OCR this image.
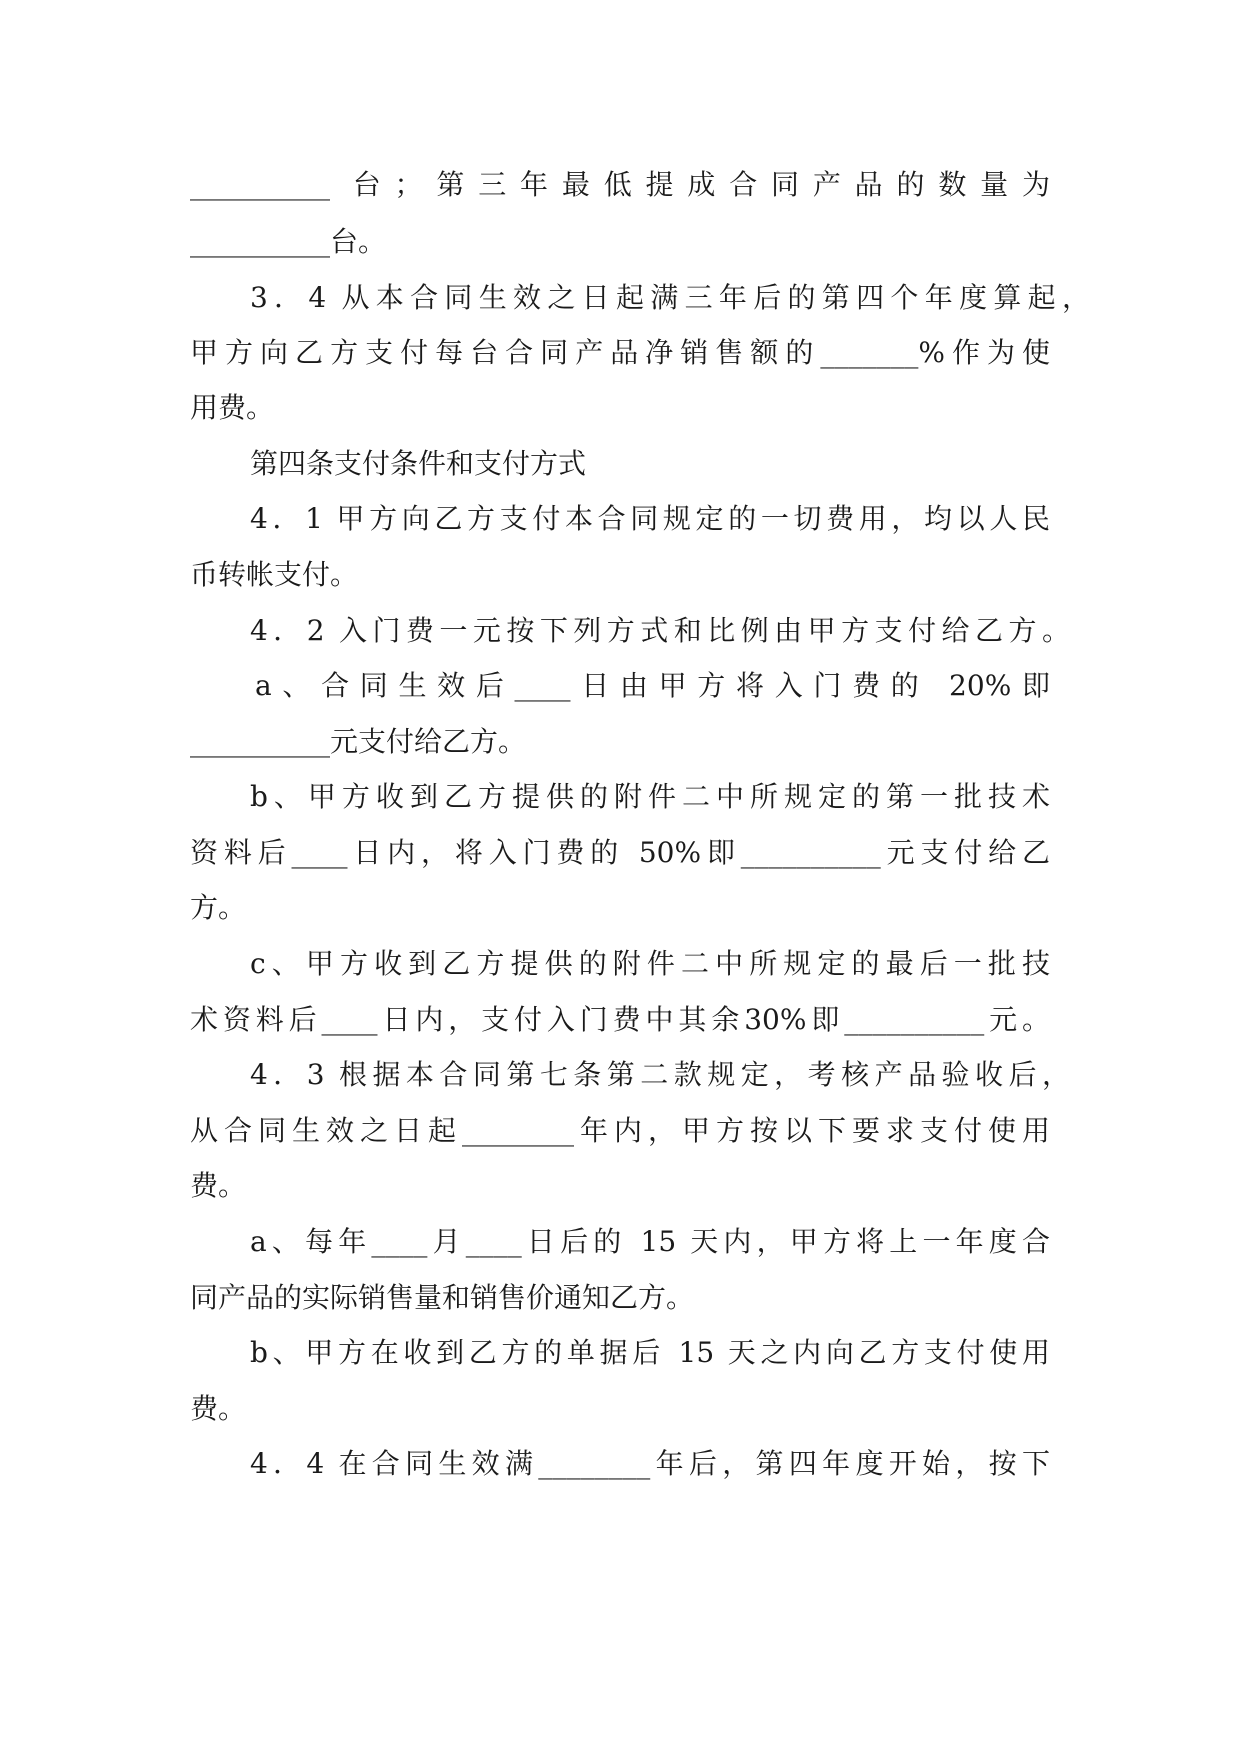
__________ 台；第三年最低提成合同产品的数量为

__________台。

3．4 从本合同生效之日起满三年后的第四个年度算起，

甲方向乙方支付每台合同产品净销售额的_______%作为使

用费。

第四条支付条件和支付方式

4．1 甲方向乙方支付本合同规定的一切费用，均以人民

币转帐支付。

4．2 入门费一元按下列方式和比例由甲方支付给乙方。

a、合同生效后____日由甲方将入门费的 20%即

__________元支付给乙方。

b、甲方收到乙方提供的附件二中所规定的第一批技术

资料后____日内，将入门费的 50%即__________元支付给乙

方。

c、甲方收到乙方提供的附件二中所规定的最后一批技

术资料后____日内，支付入门费中其余30%即__________元。

4．3 根据本合同第七条第二款规定，考核产品验收后，

从合同生效之日起________年内，甲方按以下要求支付使用

费。

a、每年____月____日后的 15 天内，甲方将上一年度合

同产品的实际销售量和销售价通知乙方。

b、甲方在收到乙方的单据后 15 天之内向乙方支付使用

费。

4．4 在合同生效满________年后，第四年度开始，按下
